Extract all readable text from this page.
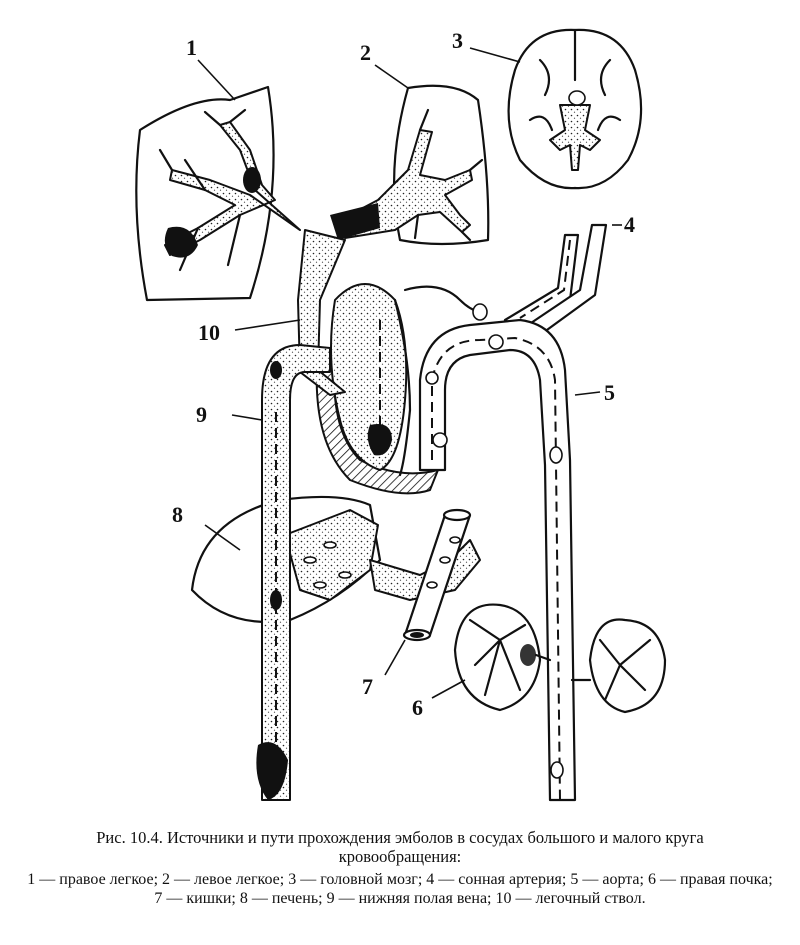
1	2	3
4
5
6
7
8
9
10
Рис. 10.4. Источники и пути прохождения эмболов в сосудах большого и малого круга
кровообращения:
1 — правое легкое; 2 — левое легкое; 3 — головной мозг; 4 — сонная артерия; 5 — аорта; 6 — правая почка; 7 — кишки; 8 — печень; 9 — нижняя полая вена; 10 — легочный ствол.
